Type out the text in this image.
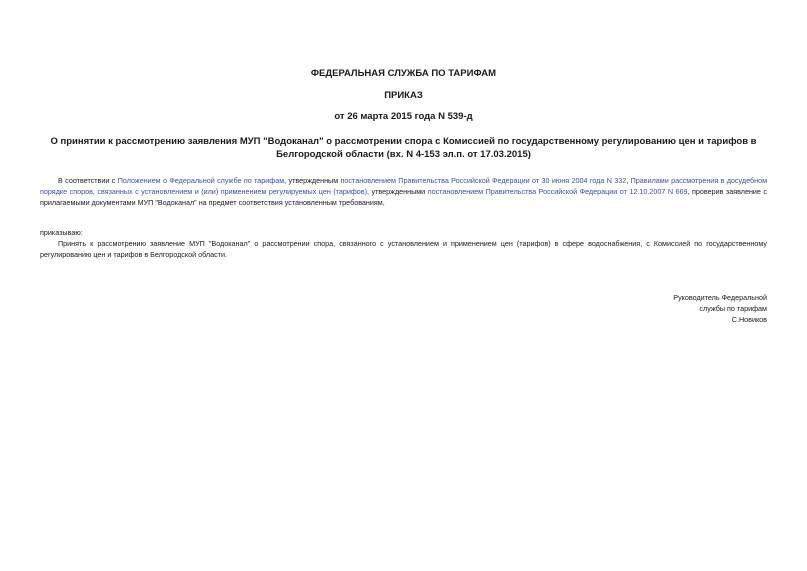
ФЕДЕРАЛЬНАЯ СЛУЖБА ПО ТАРИФАМ
ПРИКАЗ
от 26 марта 2015 года N 539-д
О принятии к рассмотрению заявления МУП "Водоканал" о рассмотрении спора с Комиссией по государственному регулированию цен и тарифов в Белгородской области (вх. N 4-153 эл.п. от 17.03.2015)
В соответствии с Положением о Федеральной службе по тарифам, утвержденным постановлением Правительства Российской Федерации от 30 июня 2004 года N 332, Правилами рассмотрения в досудебном порядке споров, связанных с установлением и (или) применением регулируемых цен (тарифов), утвержденными постановлением Правительства Российской Федерации от 12.10.2007 N 669, проверив заявление с прилагаемыми документами МУП "Водоканал" на предмет соответствия установленным требованиям,
приказываю:
Принять к рассмотрению заявление МУП "Водоканал" о рассмотрении спора, связанного с установлением и применением цен (тарифов) в сфере водоснабжения, с Комиссией по государственному регулированию цен и тарифов в Белгородской области.
Руководитель Федеральной
службы по тарифам
С.Новиков
